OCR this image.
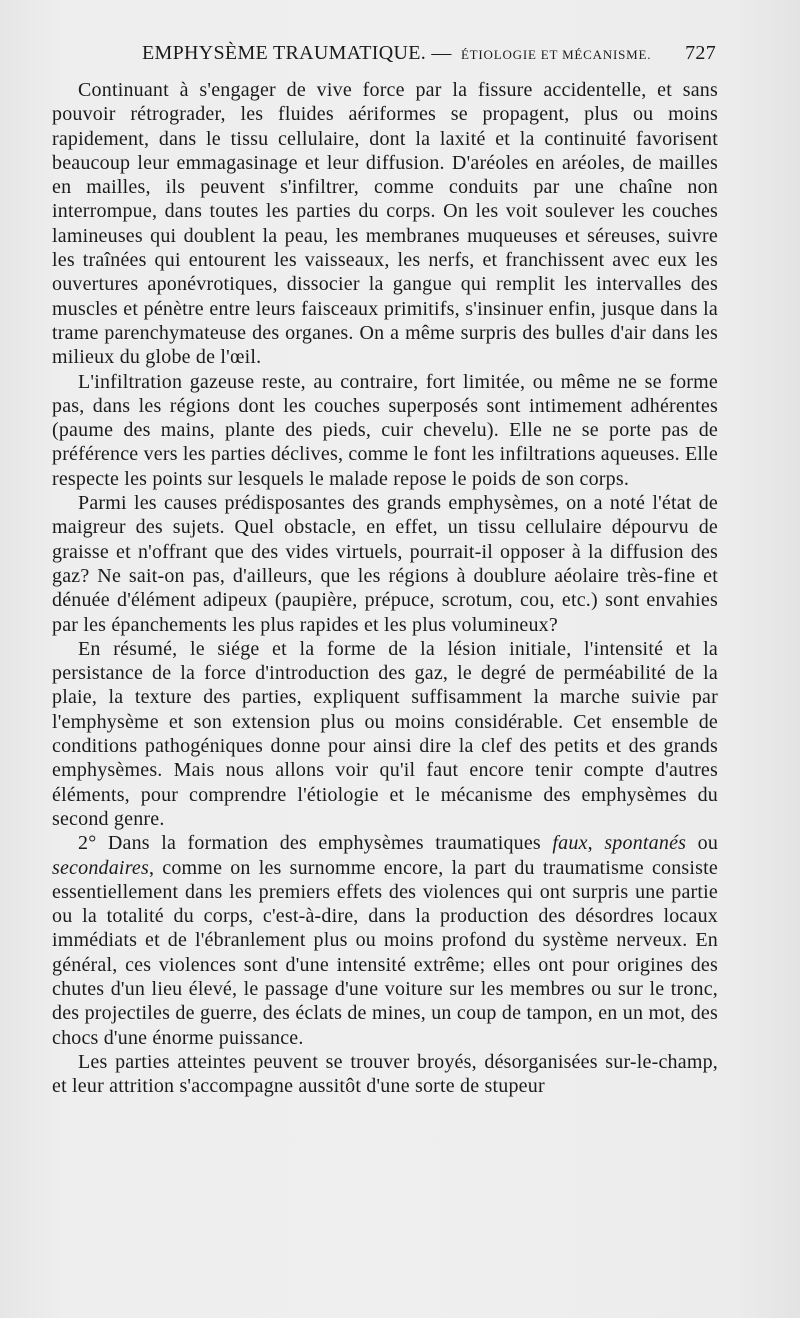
EMPHYSÈME TRAUMATIQUE. — ÉTIOLOGIE ET MÉCANISME. 727

Continuant à s'engager de vive force par la fissure accidentelle, et sans pouvoir rétrograder, les fluides aériformes se propagent, plus ou moins rapidement, dans le tissu cellulaire, dont la laxité et la continuité favorisent beaucoup leur emmagasinage et leur diffusion. D'aréoles en aréoles, de mailles en mailles, ils peuvent s'infiltrer, comme conduits par une chaîne non interrompue, dans toutes les parties du corps. On les voit soulever les couches lamineuses qui doublent la peau, les membranes muqueuses et séreuses, suivre les traînées qui entourent les vaisseaux, les nerfs, et franchissent avec eux les ouvertures aponévrotiques, dissocier la gangue qui remplit les intervalles des muscles et pénètre entre leurs faisceaux primitifs, s'insinuer enfin, jusque dans la trame parenchymateuse des organes. On a même surpris des bulles d'air dans les milieux du globe de l'œil.

L'infiltration gazeuse reste, au contraire, fort limitée, ou même ne se forme pas, dans les régions dont les couches superposés sont intimement adhérentes (paume des mains, plante des pieds, cuir chevelu). Elle ne se porte pas de préférence vers les parties déclives, comme le font les infiltrations aqueuses. Elle respecte les points sur lesquels le malade repose le poids de son corps.

Parmi les causes prédisposantes des grands emphysèmes, on a noté l'état de maigreur des sujets. Quel obstacle, en effet, un tissu cellulaire dépourvu de graisse et n'offrant que des vides virtuels, pourrait-il opposer à la diffusion des gaz? Ne sait-on pas, d'ailleurs, que les régions à doublure aéolaire très-fine et dénuée d'élément adipeux (paupière, prépuce, scrotum, cou, etc.) sont envahies par les épanchements les plus rapides et les plus volumineux?

En résumé, le siége et la forme de la lésion initiale, l'intensité et la persistance de la force d'introduction des gaz, le degré de perméabilité de la plaie, la texture des parties, expliquent suffisamment la marche suivie par l'emphysème et son extension plus ou moins considérable. Cet ensemble de conditions pathogéniques donne pour ainsi dire la clef des petits et des grands emphysèmes. Mais nous allons voir qu'il faut encore tenir compte d'autres éléments, pour comprendre l'étiologie et le mécanisme des emphysèmes du second genre.

2° Dans la formation des emphysèmes traumatiques faux, spontanés ou secondaires, comme on les surnomme encore, la part du traumatisme consiste essentiellement dans les premiers effets des violences qui ont surpris une partie ou la totalité du corps, c'est-à-dire, dans la production des désordres locaux immédiats et de l'ébranlement plus ou moins profond du système nerveux. En général, ces violences sont d'une intensité extrême; elles ont pour origines des chutes d'un lieu élevé, le passage d'une voiture sur les membres ou sur le tronc, des projectiles de guerre, des éclats de mines, un coup de tampon, en un mot, des chocs d'une énorme puissance.

Les parties atteintes peuvent se trouver broyés, désorganisées sur-le-champ, et leur attrition s'accompagne aussitôt d'une sorte de stupeur
